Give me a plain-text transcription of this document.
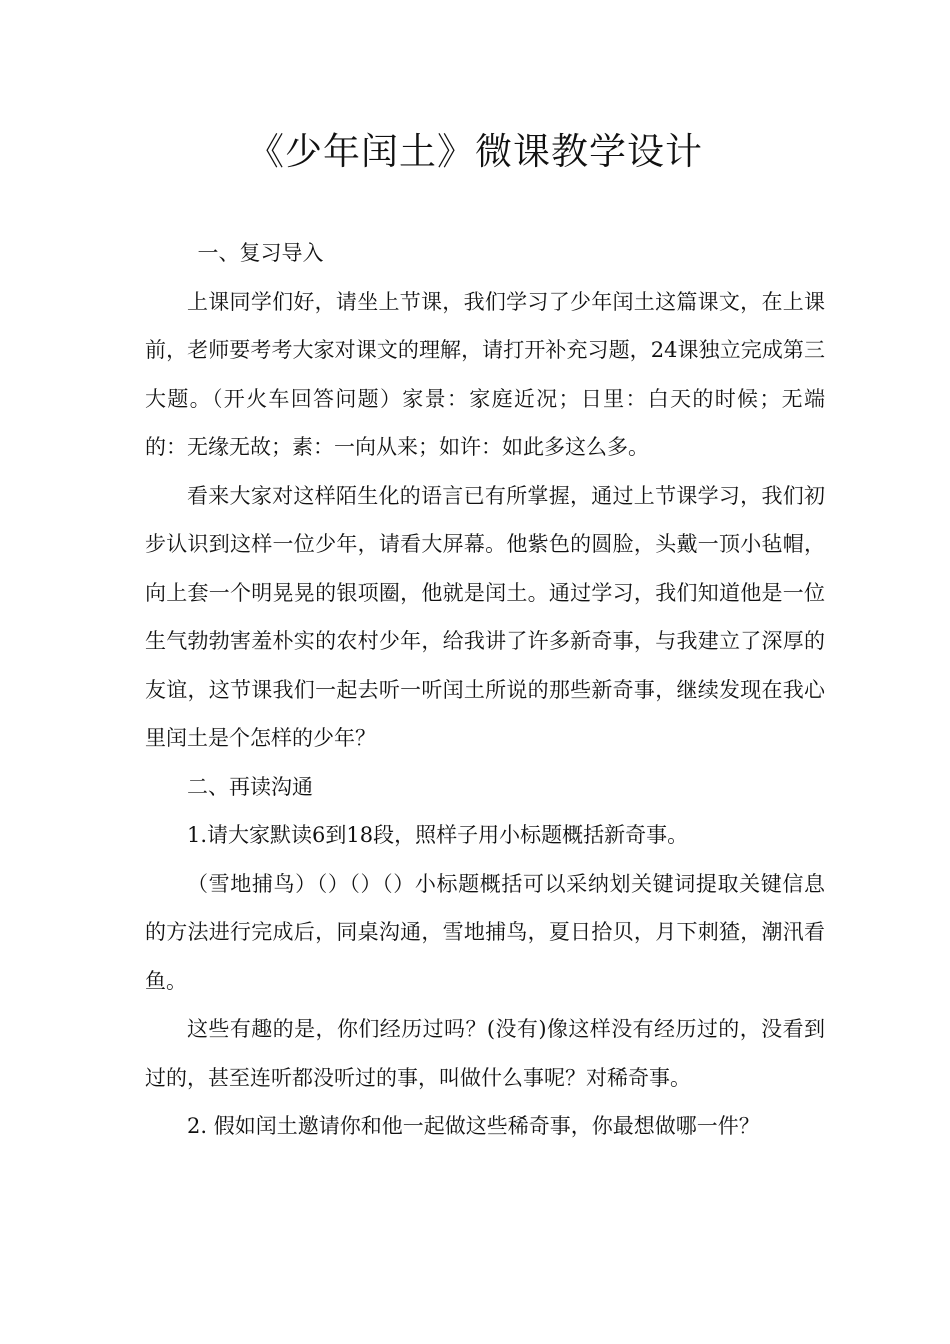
《少年闰土》微课教学设计

一、复习导入

上课同学们好，请坐上节课，我们学习了少年闰土这篇课文，在上课前，老师要考考大家对课文的理解，请打开补充习题，24课独立完成第三大题。（开火车回答问题）家景：家庭近况；日里：白天的时候；无端的：无缘无故；素：一向从来；如许：如此多这么多。

看来大家对这样陌生化的语言已有所掌握，通过上节课学习，我们初步认识到这样一位少年，请看大屏幕。他紫色的圆脸，头戴一顶小毡帽，向上套一个明晃晃的银项圈，他就是闰土。通过学习，我们知道他是一位生气勃勃害羞朴实的农村少年，给我讲了许多新奇事，与我建立了深厚的友谊，这节课我们一起去听一听闰土所说的那些新奇事，继续发现在我心里闰土是个怎样的少年？

二、再读沟通

1.请大家默读6到18段，照样子用小标题概括新奇事。

（雪地捕鸟）（）（）（）小标题概括可以采纳划关键词提取关键信息的方法进行完成后，同桌沟通，雪地捕鸟，夏日拾贝，月下刺猹，潮汛看鱼。

这些有趣的是，你们经历过吗？(没有)像这样没有经历过的，没看到过的，甚至连听都没听过的事，叫做什么事呢？对稀奇事。

2. 假如闰土邀请你和他一起做这些稀奇事，你最想做哪一件？
